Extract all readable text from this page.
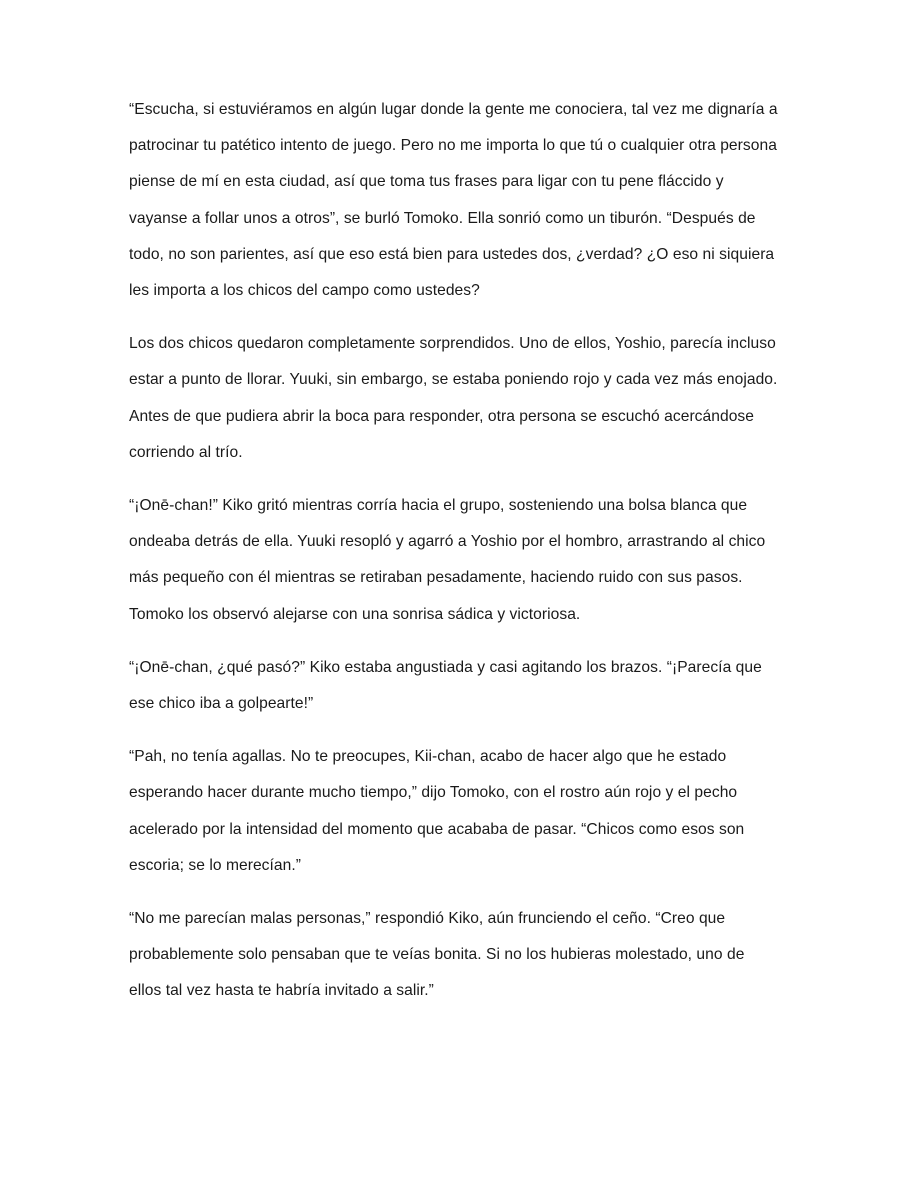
“Escucha, si estuviéramos en algún lugar donde la gente me conociera, tal vez me dignaría a patrocinar tu patético intento de juego. Pero no me importa lo que tú o cualquier otra persona piense de mí en esta ciudad, así que toma tus frases para ligar con tu pene fláccido y vayanse a follar unos a otros”, se burló Tomoko. Ella sonrió como un tiburón. “Después de todo, no son parientes, así que eso está bien para ustedes dos, ¿verdad? ¿O eso ni siquiera les importa a los chicos del campo como ustedes?

Los dos chicos quedaron completamente sorprendidos. Uno de ellos, Yoshio, parecía incluso estar a punto de llorar. Yuuki, sin embargo, se estaba poniendo rojo y cada vez más enojado. Antes de que pudiera abrir la boca para responder, otra persona se escuchó acercándose corriendo al trío.

“¡Onē-chan!” Kiko gritó mientras corría hacia el grupo, sosteniendo una bolsa blanca que ondeaba detrás de ella. Yuuki resopló y agarró a Yoshio por el hombro, arrastrando al chico más pequeño con él mientras se retiraban pesadamente, haciendo ruido con sus pasos. Tomoko los observó alejarse con una sonrisa sádica y victoriosa.

“¡Onē-chan, ¿qué pasó?” Kiko estaba angustiada y casi agitando los brazos. “¡Parecía que ese chico iba a golpearte!”

“Pah, no tenía agallas. No te preocupes, Kii-chan, acabo de hacer algo que he estado esperando hacer durante mucho tiempo,” dijo Tomoko, con el rostro aún rojo y el pecho acelerado por la intensidad del momento que acababa de pasar. “Chicos como esos son escoria; se lo merecían.”

“No me parecían malas personas,” respondió Kiko, aún frunciendo el ceño. “Creo que probablemente solo pensaban que te veías bonita. Si no los hubieras molestado, uno de ellos tal vez hasta te habría invitado a salir.”
